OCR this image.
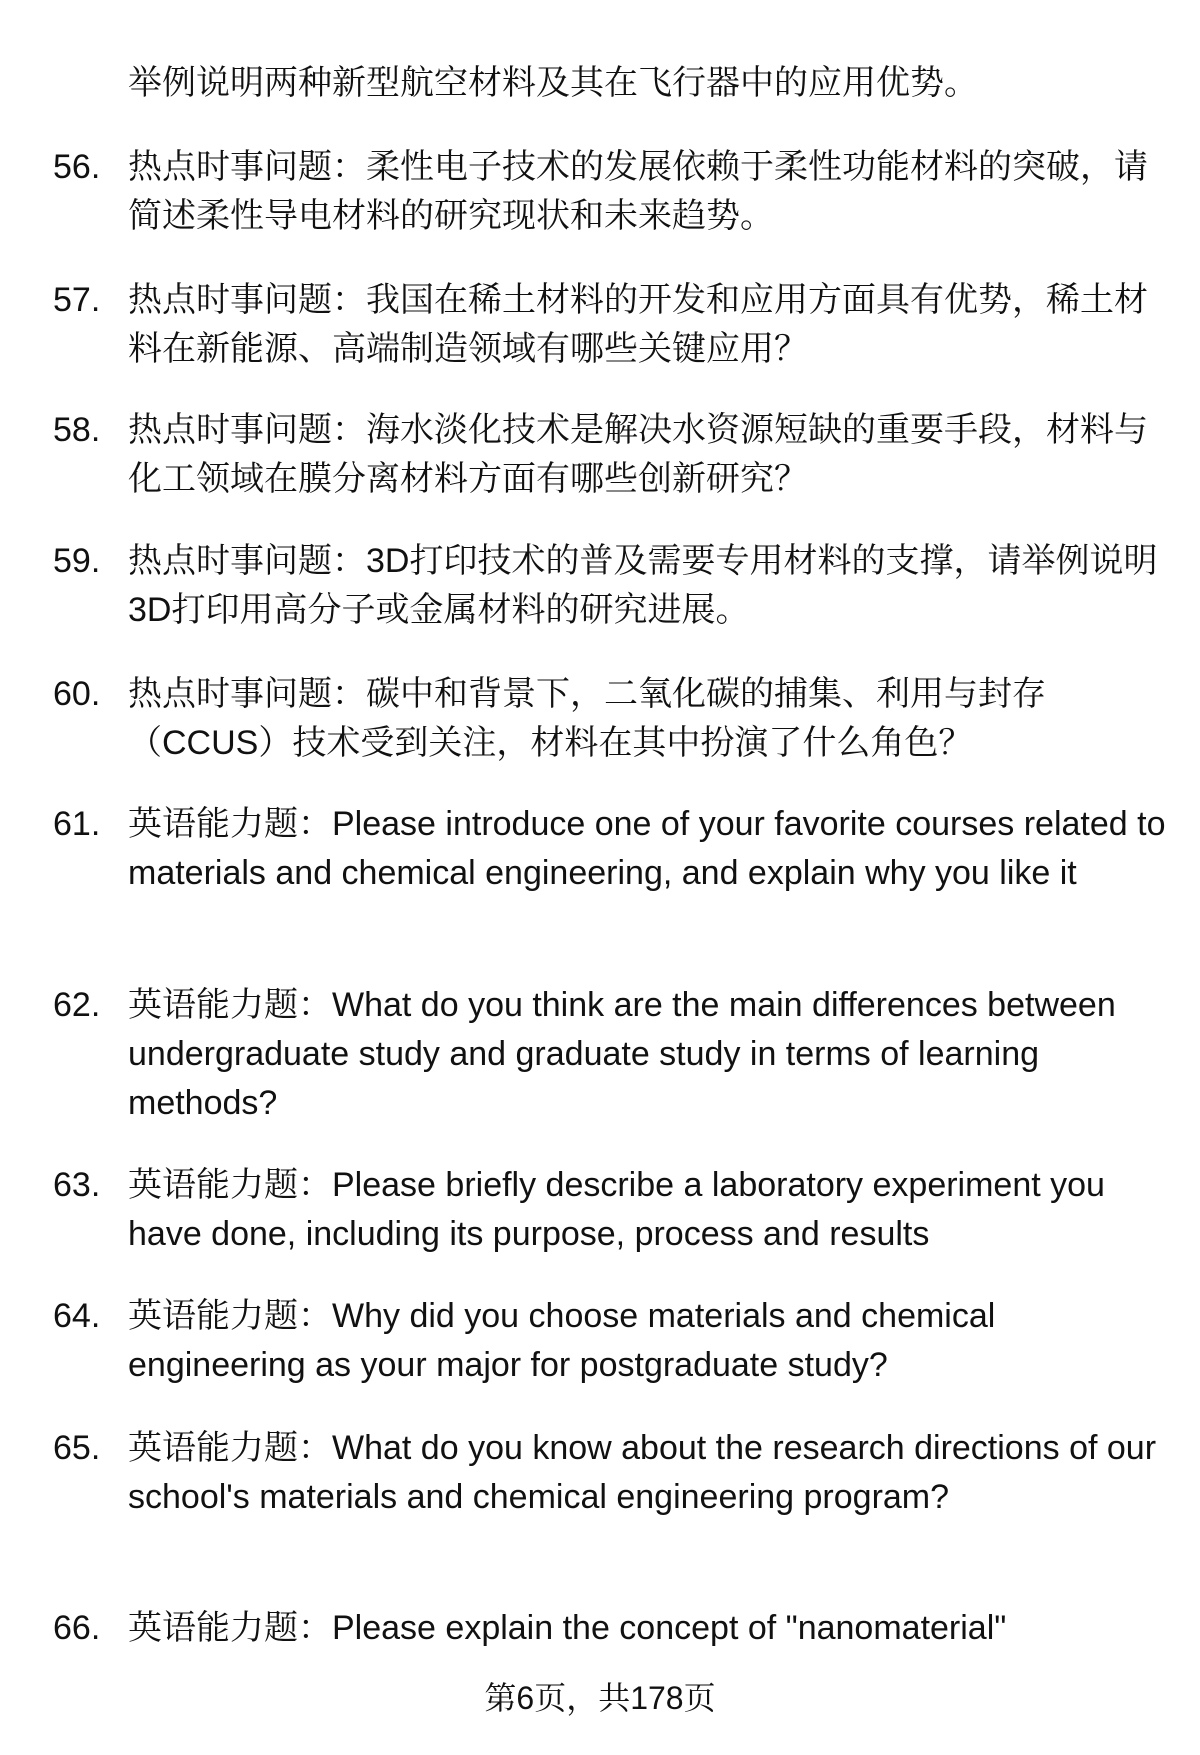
举例说明两种新型航空材料及其在飞行器中的应用优势。
56. 热点时事问题：柔性电子技术的发展依赖于柔性功能材料的突破，请简述柔性导电材料的研究现状和未来趋势。
57. 热点时事问题：我国在稀土材料的开发和应用方面具有优势，稀土材料在新能源、高端制造领域有哪些关键应用？
58. 热点时事问题：海水淡化技术是解决水资源短缺的重要手段，材料与化工领域在膜分离材料方面有哪些创新研究？
59. 热点时事问题：3D打印技术的普及需要专用材料的支撑，请举例说明3D打印用高分子或金属材料的研究进展。
60. 热点时事问题：碳中和背景下，二氧化碳的捕集、利用与封存（CCUS）技术受到关注，材料在其中扮演了什么角色？
61. 英语能力题：Please introduce one of your favorite courses related to materials and chemical engineering, and explain why you like it
62. 英语能力题：What do you think are the main differences between undergraduate study and graduate study in terms of learning methods?
63. 英语能力题：Please briefly describe a laboratory experiment you have done, including its purpose, process and results
64. 英语能力题：Why did you choose materials and chemical engineering as your major for postgraduate study?
65. 英语能力题：What do you know about the research directions of our school's materials and chemical engineering program?
66. 英语能力题：Please explain the concept of "nanomaterial"
第6页，共178页
